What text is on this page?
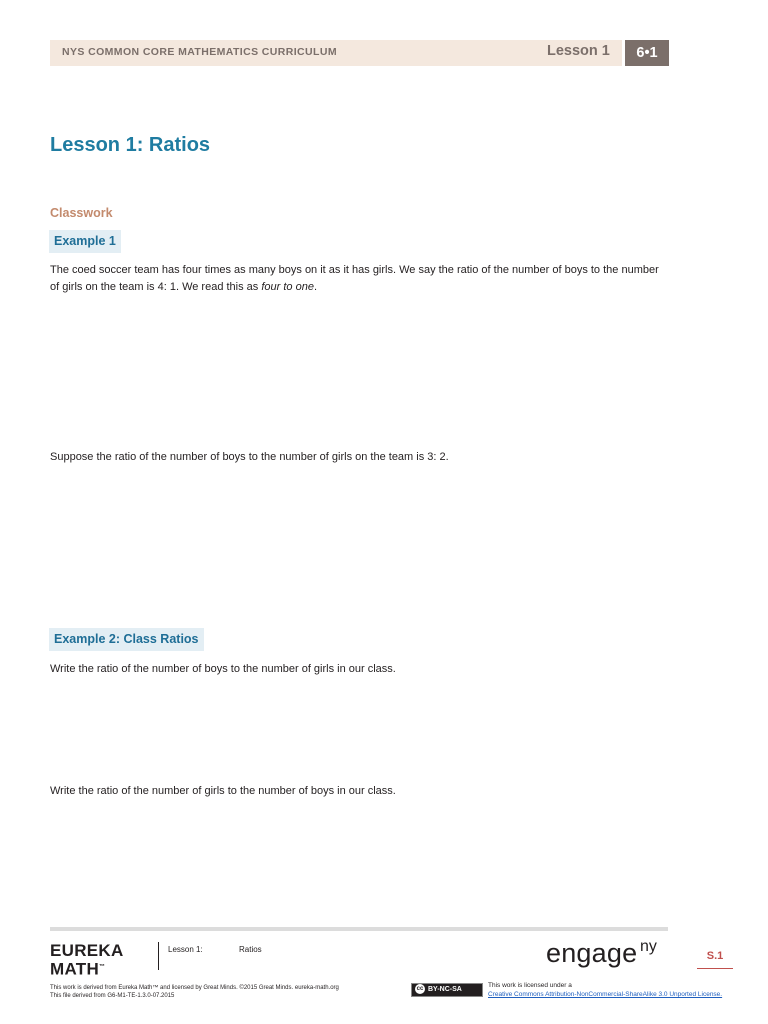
NYS COMMON CORE MATHEMATICS CURRICULUM	Lesson 1	6•1
Lesson 1: Ratios
Classwork
Example 1

The coed soccer team has four times as many boys on it as it has girls. We say the ratio of the number of boys to the number of girls on the team is 4: 1. We read this as four to one.

Suppose the ratio of the number of boys to the number of girls on the team is 3: 2.

Example 2: Class Ratios

Write the ratio of the number of boys to the number of girls in our class.

Write the ratio of the number of girls to the number of boys in our class.

EUREKA
MATH™
Lesson 1:	Ratios	engage ny
S.1
This work is derived from Eureka Math™ and licensed by Great Minds. ©2015 Great Minds. eureka-math.org
This file derived from G6-M1-TE-1.3.0-07.2015
cc BY-NC-SA
This work is licensed under a
Creative Commons Attribution-NonCommercial-ShareAlike 3.0 Unported License.
